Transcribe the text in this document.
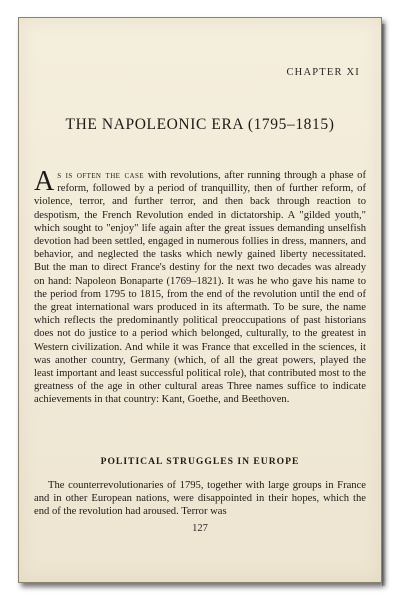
CHAPTER XI
THE NAPOLEONIC ERA (1795–1815)
As is often the case with revolutions, after running through a phase of reform, followed by a period of tranquillity, then of further reform, of violence, terror, and further terror, and then back through reaction to despotism, the French Revolution ended in dictatorship. A "gilded youth," which sought to "enjoy" life again after the great issues demanding unselfish devotion had been settled, engaged in numerous follies in dress, manners, and behavior, and neglected the tasks which newly gained liberty necessitated. But the man to direct France's destiny for the next two decades was already on hand: Napoleon Bonaparte (1769–1821). It was he who gave his name to the period from 1795 to 1815, from the end of the revolution until the end of the great international wars produced in its aftermath. To be sure, the name which reflects the predominantly political preoccupations of past historians does not do justice to a period which belonged, culturally, to the greatest in Western civilization. And while it was France that excelled in the sciences, it was another country, Germany (which, of all the great powers, played the least important and least successful political role), that contributed most to the greatness of the age in other cultural areas Three names suffice to indicate achievements in that country: Kant, Goethe, and Beethoven.
POLITICAL STRUGGLES IN EUROPE
The counterrevolutionaries of 1795, together with large groups in France and in other European nations, were disappointed in their hopes, which the end of the revolution had aroused. Terror was
127
